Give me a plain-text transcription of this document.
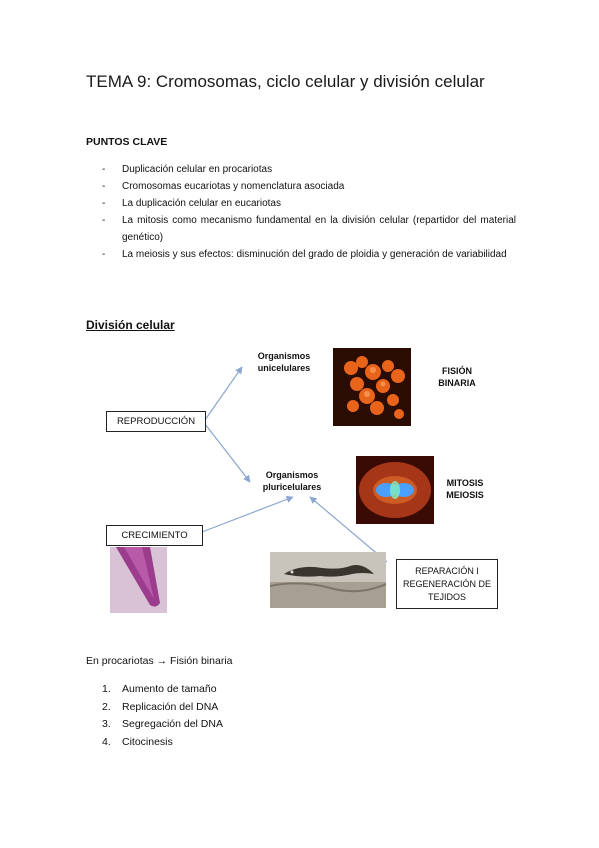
TEMA 9: Cromosomas, ciclo celular y división celular
PUNTOS CLAVE
- Duplicación celular en procariotas
- Cromosomas eucariotas y nomenclatura asociada
- La duplicación celular en eucariotas
- La mitosis como mecanismo fundamental en la división celular (repartidor del material genético)
- La meiosis y sus efectos: disminución del grado de ploidia y generación de variabilidad
División celular
REPRODUCCIÓN
CRECIMIENTO
REPARACIÓN I REGENERACIÓN DE TEJIDOS
Organismos unicelulares
Organismos pluricelulares
FISIÓN BINARIA
MITOSIS MEIOSIS
En procariotas → Fisión binaria
1. Aumento de tamaño
2. Replicación del DNA
3. Segregación del DNA
4. Citocinesis
